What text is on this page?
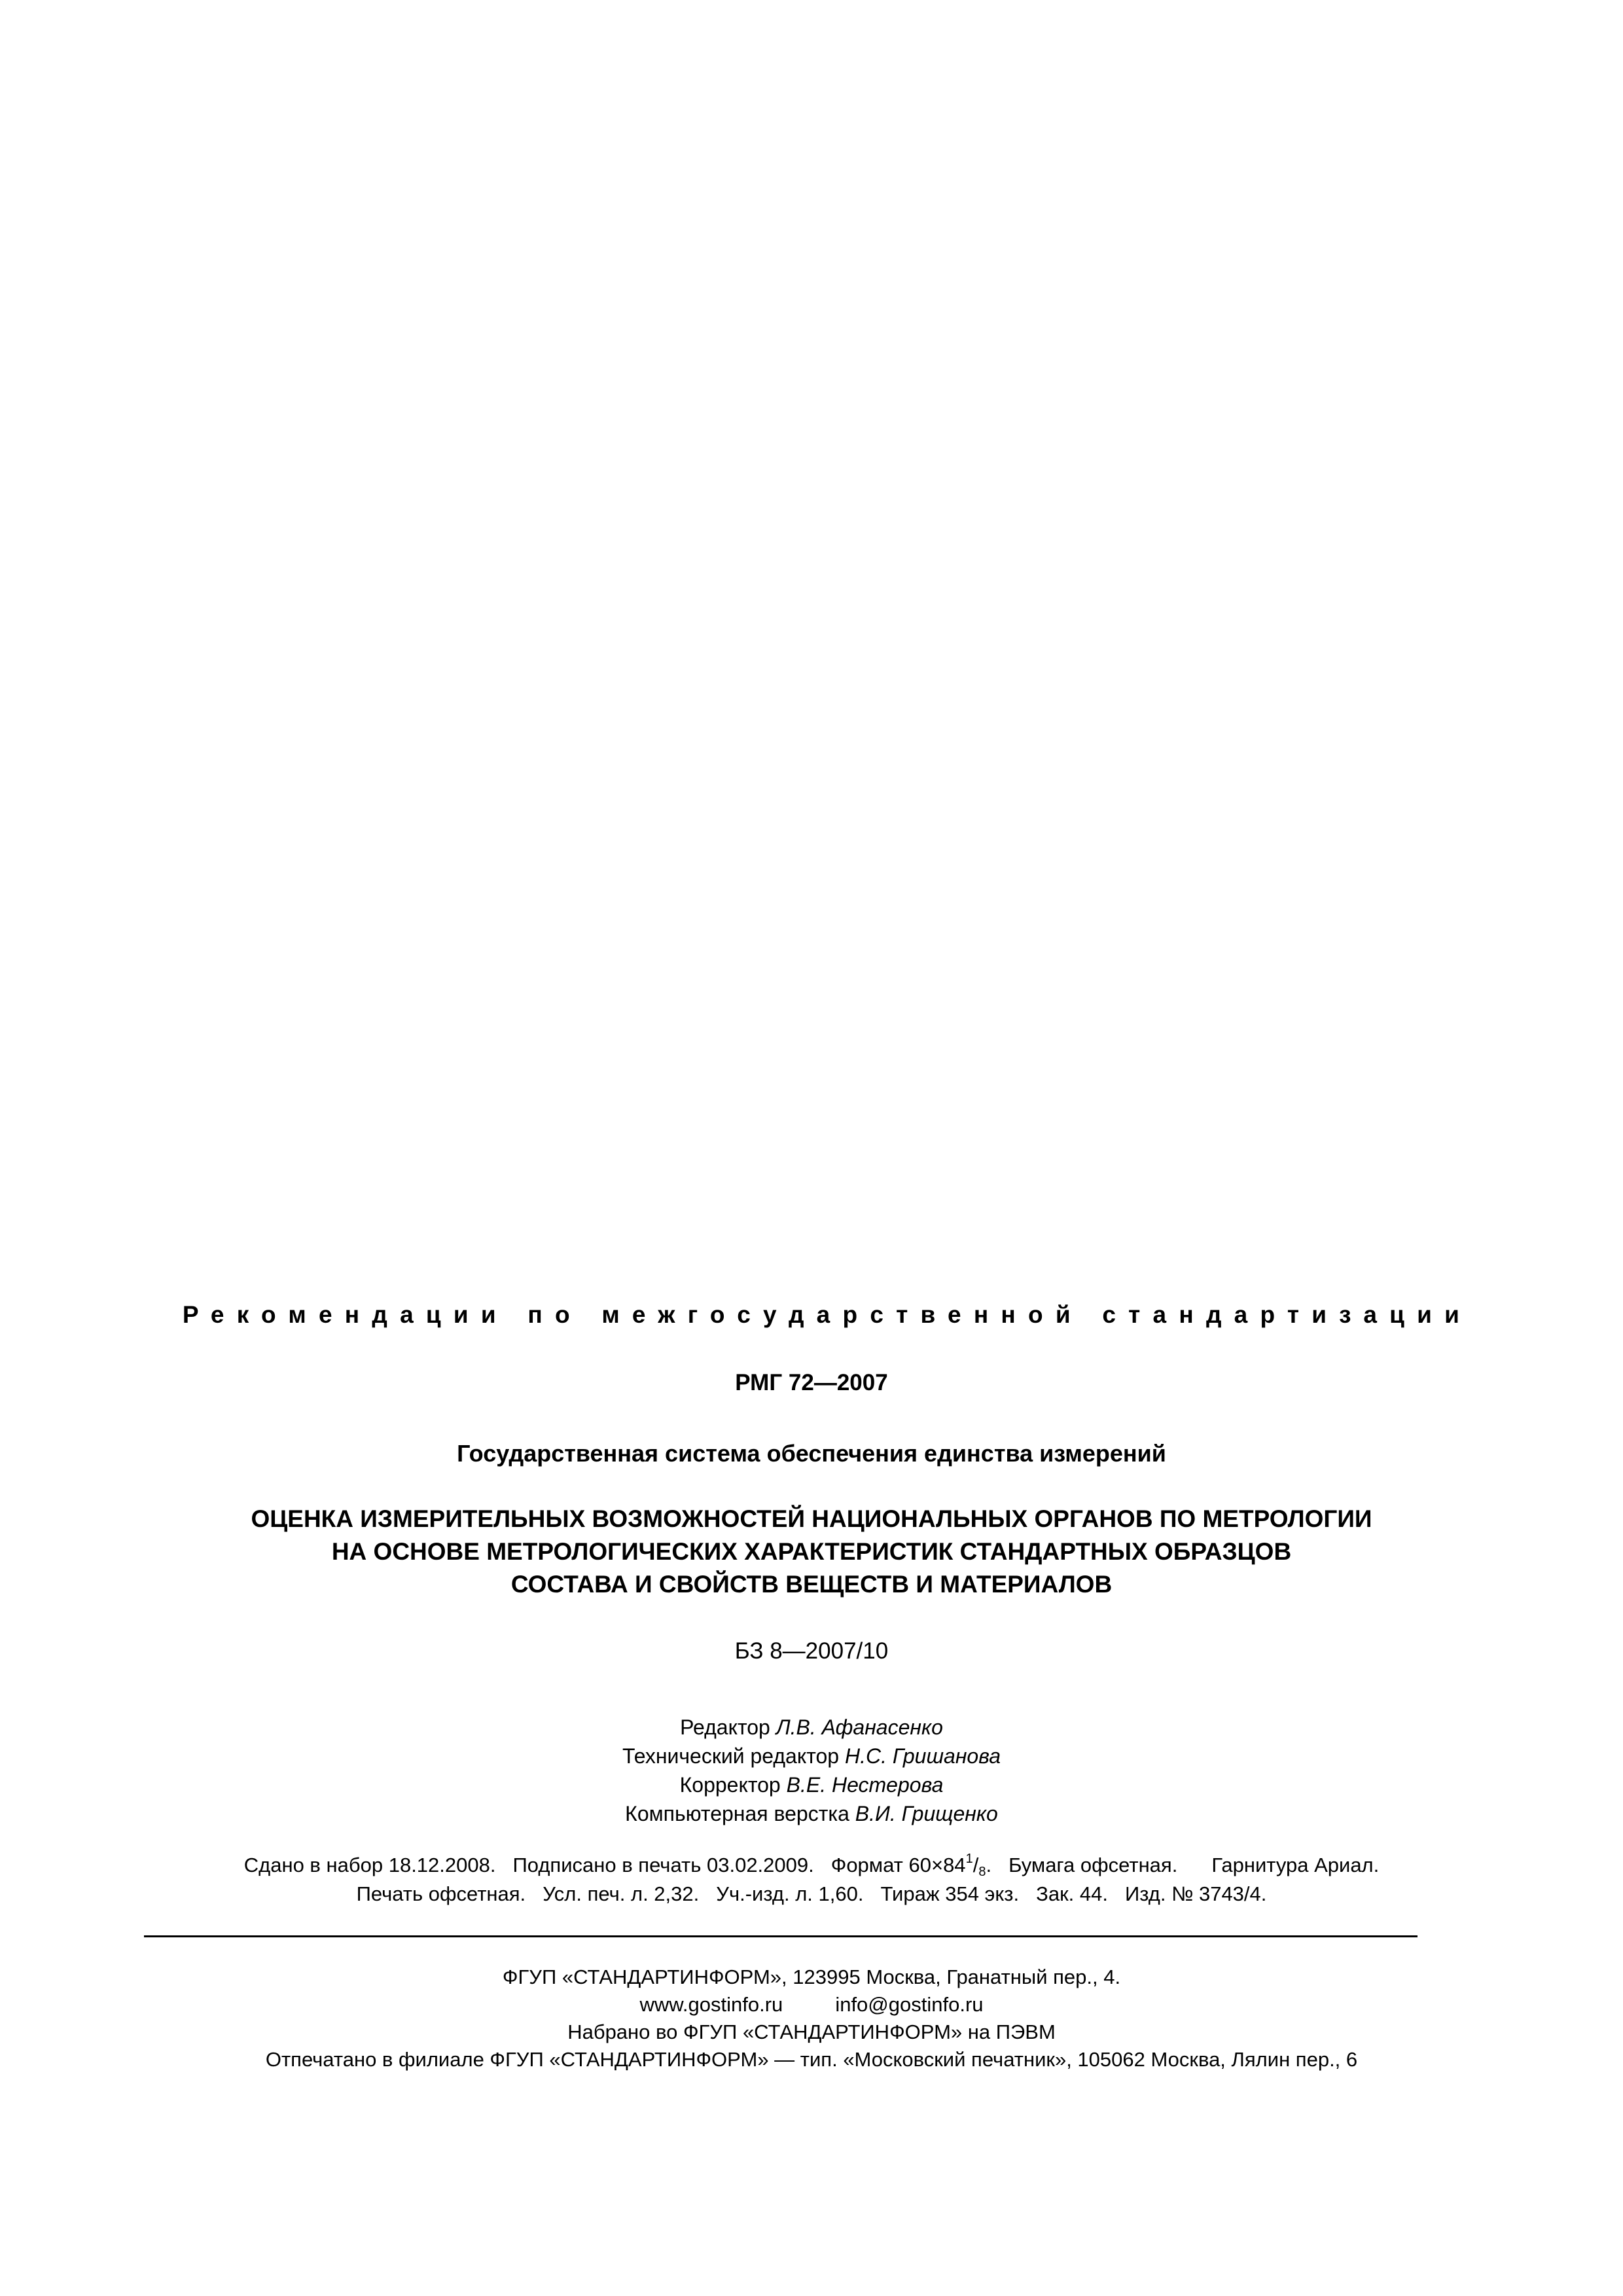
Рекомендации по межгосударственной стандартизации
РМГ 72—2007
Государственная система обеспечения единства измерений
ОЦЕНКА ИЗМЕРИТЕЛЬНЫХ ВОЗМОЖНОСТЕЙ НАЦИОНАЛЬНЫХ ОРГАНОВ ПО МЕТРОЛОГИИ
НА ОСНОВЕ МЕТРОЛОГИЧЕСКИХ ХАРАКТЕРИСТИК СТАНДАРТНЫХ ОБРАЗЦОВ
СОСТАВА И СВОЙСТВ ВЕЩЕСТВ И МАТЕРИАЛОВ
БЗ 8—2007/10
Редактор Л.В. Афанасенко
Технический редактор Н.С. Гришанова
Корректор В.Е. Нестерова
Компьютерная верстка В.И. Грищенко
Сдано в набор 18.12.2008. Подписано в печать 03.02.2009. Формат $60\times 84^1/_8$. Бумага офсетная. Гарнитура Ариал.
Печать офсетная. Усл. печ. л. 2,32. Уч.-изд. л. 1,60. Тираж 354 экз. Зак. 44. Изд. № 3743/4.
ФГУП «СТАНДАРТИНФОРМ», 123995 Москва, Гранатный пер., 4.
www.gostinfo.ru	info@gostinfo.ru
Набрано во ФГУП «СТАНДАРТИНФОРМ» на ПЭВМ
Отпечатано в филиале ФГУП «СТАНДАРТИНФОРМ» — тип. «Московский печатник», 105062 Москва, Лялин пер., 6
